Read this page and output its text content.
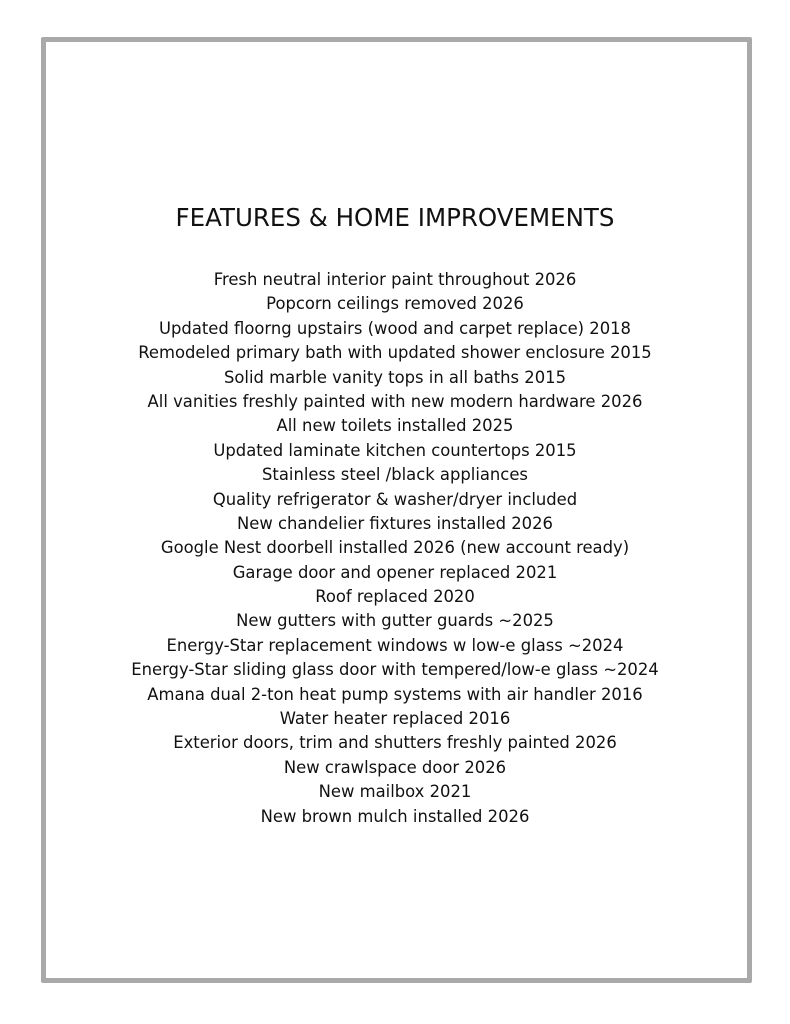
FEATURES & HOME IMPROVEMENTS
Fresh neutral interior paint throughout 2026
Popcorn ceilings removed 2026
Updated floorng upstairs (wood and carpet replace) 2018
Remodeled primary bath with updated shower enclosure 2015
Solid marble vanity tops in all baths 2015
All vanities freshly painted with new modern hardware 2026
All new toilets installed 2025
Updated laminate kitchen countertops 2015
Stainless steel /black appliances
Quality refrigerator & washer/dryer included
New chandelier fixtures installed 2026
Google Nest doorbell installed 2026 (new account ready)
Garage door and opener replaced 2021
Roof replaced 2020
New gutters with gutter guards ~2025
Energy-Star replacement windows w low-e glass ~2024
Energy-Star sliding glass door with tempered/low-e glass ~2024
Amana dual 2-ton heat pump systems with air handler 2016
Water heater replaced 2016
Exterior doors, trim and shutters freshly painted 2026
New crawlspace door 2026
New mailbox 2021
New brown mulch installed 2026
